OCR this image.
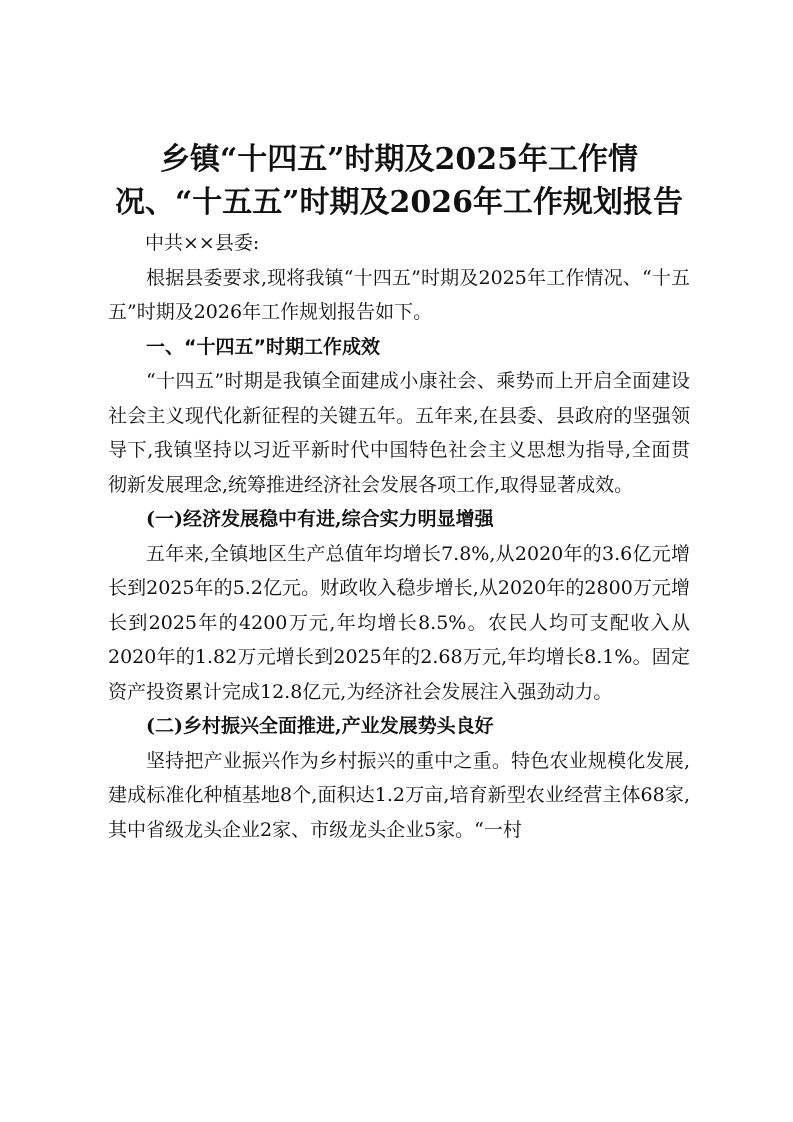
乡镇“十四五”时期及2025年工作情况、“十五五”时期及2026年工作规划报告
中共××县委:

根据县委要求,现将我镇“十四五”时期及2025年工作情况、“十五五”时期及2026年工作规划报告如下。

一、“十四五”时期工作成效

“十四五”时期是我镇全面建成小康社会、乘势而上开启全面建设社会主义现代化新征程的关键五年。五年来,在县委、县政府的坚强领导下,我镇坚持以习近平新时代中国特色社会主义思想为指导,全面贯彻新发展理念,统筹推进经济社会发展各项工作,取得显著成效。

(一)经济发展稳中有进,综合实力明显增强

五年来,全镇地区生产总值年均增长7.8%,从2020年的3.6亿元增长到2025年的5.2亿元。财政收入稳步增长,从2020年的2800万元增长到2025年的4200万元,年均增长8.5%。农民人均可支配收入从2020年的1.82万元增长到2025年的2.68万元,年均增长8.1%。固定资产投资累计完成12.8亿元,为经济社会发展注入强劲动力。

(二)乡村振兴全面推进,产业发展势头良好

坚持把产业振兴作为乡村振兴的重中之重。特色农业规模化发展,建成标准化种植基地8个,面积达1.2万亩,培育新型农业经营主体68家,其中省级龙头企业2家、市级龙头企业5家。“一村
